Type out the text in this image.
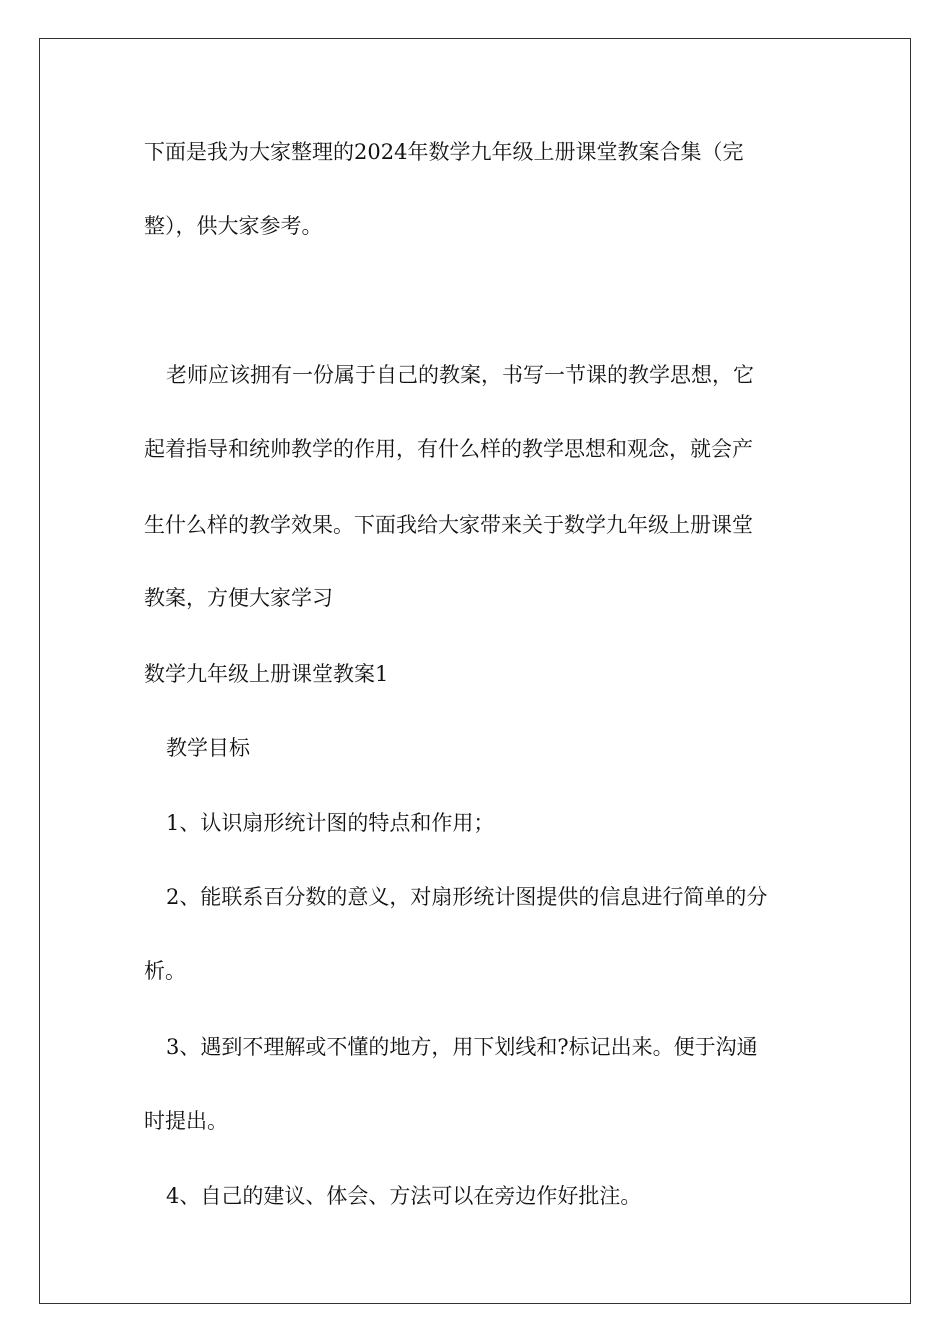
下面是我为大家整理的2024年数学九年级上册课堂教案合集（完
整），供大家参考。
老师应该拥有一份属于自己的教案，书写一节课的教学思想，它
起着指导和统帅教学的作用，有什么样的教学思想和观念，就会产
生什么样的教学效果。下面我给大家带来关于数学九年级上册课堂
教案，方便大家学习
数学九年级上册课堂教案1
教学目标
1、认识扇形统计图的特点和作用；
2、能联系百分数的意义，对扇形统计图提供的信息进行简单的分
析。
3、遇到不理解或不懂的地方，用下划线和?标记出来。便于沟通
时提出。
4、自己的建议、体会、方法可以在旁边作好批注。
